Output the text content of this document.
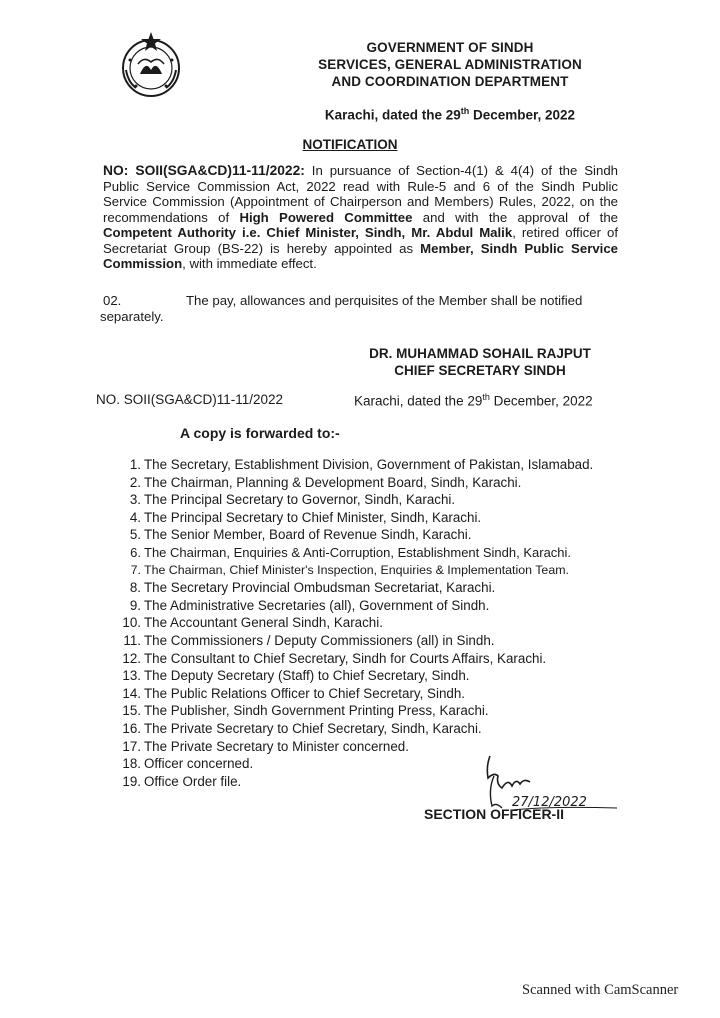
GOVERNMENT OF SINDH
SERVICES, GENERAL ADMINISTRATION
AND COORDINATION DEPARTMENT
Karachi, dated the 29th December, 2022
NOTIFICATION
NO: SOII(SGA&CD)11-11/2022: In pursuance of Section-4(1) & 4(4) of the Sindh Public Service Commission Act, 2022 read with Rule-5 and 6 of the Sindh Public Service Commission (Appointment of Chairperson and Members) Rules, 2022, on the recommendations of High Powered Committee and with the approval of the Competent Authority i.e. Chief Minister, Sindh, Mr. Abdul Malik, retired officer of Secretariat Group (BS-22) is hereby appointed as Member, Sindh Public Service Commission, with immediate effect.
02.	The pay, allowances and perquisites of the Member shall be notified
separately.
DR. MUHAMMAD SOHAIL RAJPUT
CHIEF SECRETARY SINDH
NO. SOII(SGA&CD)11-11/2022	Karachi, dated the 29th December, 2022
A copy is forwarded to:-
1. The Secretary, Establishment Division, Government of Pakistan, Islamabad.
2. The Chairman, Planning & Development Board, Sindh, Karachi.
3. The Principal Secretary to Governor, Sindh, Karachi.
4. The Principal Secretary to Chief Minister, Sindh, Karachi.
5. The Senior Member, Board of Revenue Sindh, Karachi.
6. The Chairman, Enquiries & Anti-Corruption, Establishment Sindh, Karachi.
7. The Chairman, Chief Minister's Inspection, Enquiries & Implementation Team.
8. The Secretary Provincial Ombudsman Secretariat, Karachi.
9. The Administrative Secretaries (all), Government of Sindh.
10. The Accountant General Sindh, Karachi.
11. The Commissioners / Deputy Commissioners (all) in Sindh.
12. The Consultant to Chief Secretary, Sindh for Courts Affairs, Karachi.
13. The Deputy Secretary (Staff) to Chief Secretary, Sindh.
14. The Public Relations Officer to Chief Secretary, Sindh.
15. The Publisher, Sindh Government Printing Press, Karachi.
16. The Private Secretary to Chief Secretary, Sindh, Karachi.
17. The Private Secretary to Minister concerned.
18. Officer concerned.
19. Office Order file.
27/12/2022
SECTION OFFICER-II
Scanned with CamScanner
